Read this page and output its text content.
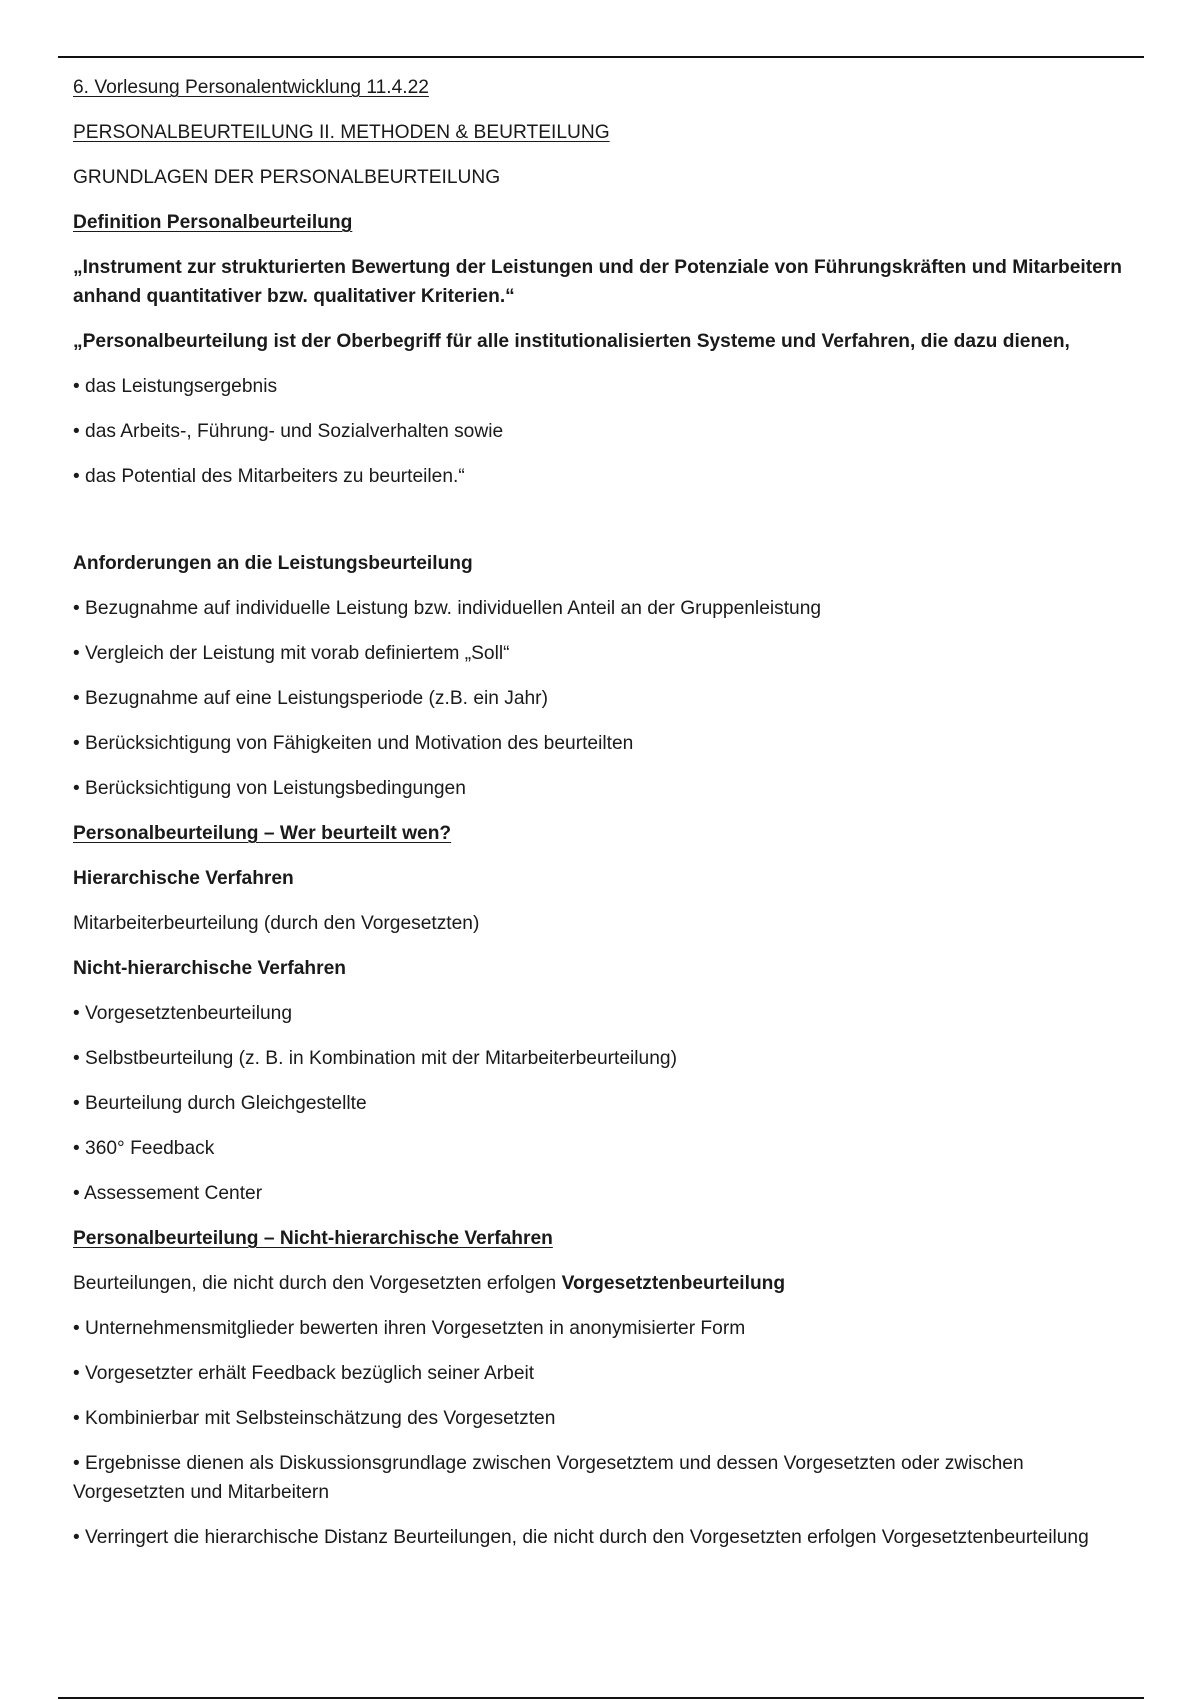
6. Vorlesung Personalentwicklung 11.4.22

PERSONALBEURTEILUNG II. METHODEN & BEURTEILUNG

GRUNDLAGEN DER PERSONALBEURTEILUNG

Definition Personalbeurteilung

„Instrument zur strukturierten Bewertung der Leistungen und der Potenziale von Führungskräften und Mitarbeitern anhand quantitativer bzw. qualitativer Kriterien.“

„Personalbeurteilung ist der Oberbegriff für alle institutionalisierten Systeme und Verfahren, die dazu dienen,

• das Leistungsergebnis

• das Arbeits-, Führung- und Sozialverhalten sowie

• das Potential des Mitarbeiters zu beurteilen.“

Anforderungen an die Leistungsbeurteilung

• Bezugnahme auf individuelle Leistung bzw. individuellen Anteil an der Gruppenleistung

• Vergleich der Leistung mit vorab definiertem „Soll“

• Bezugnahme auf eine Leistungsperiode (z.B. ein Jahr)

• Berücksichtigung von Fähigkeiten und Motivation des beurteilten

• Berücksichtigung von Leistungsbedingungen

Personalbeurteilung – Wer beurteilt wen?

Hierarchische Verfahren

Mitarbeiterbeurteilung (durch den Vorgesetzten)

Nicht-hierarchische Verfahren

• Vorgesetztenbeurteilung

• Selbstbeurteilung (z. B. in Kombination mit der Mitarbeiterbeurteilung)

• Beurteilung durch Gleichgestellte

• 360° Feedback

• Assessement Center

Personalbeurteilung – Nicht-hierarchische Verfahren

Beurteilungen, die nicht durch den Vorgesetzten erfolgen Vorgesetztenbeurteilung

• Unternehmensmitglieder bewerten ihren Vorgesetzten in anonymisierter Form

• Vorgesetzter erhält Feedback bezüglich seiner Arbeit

• Kombinierbar mit Selbsteinschätzung des Vorgesetzten

• Ergebnisse dienen als Diskussionsgrundlage zwischen Vorgesetztem und dessen Vorgesetzten oder zwischen Vorgesetzten und Mitarbeitern

• Verringert die hierarchische Distanz Beurteilungen, die nicht durch den Vorgesetzten erfolgen Vorgesetztenbeurteilung
